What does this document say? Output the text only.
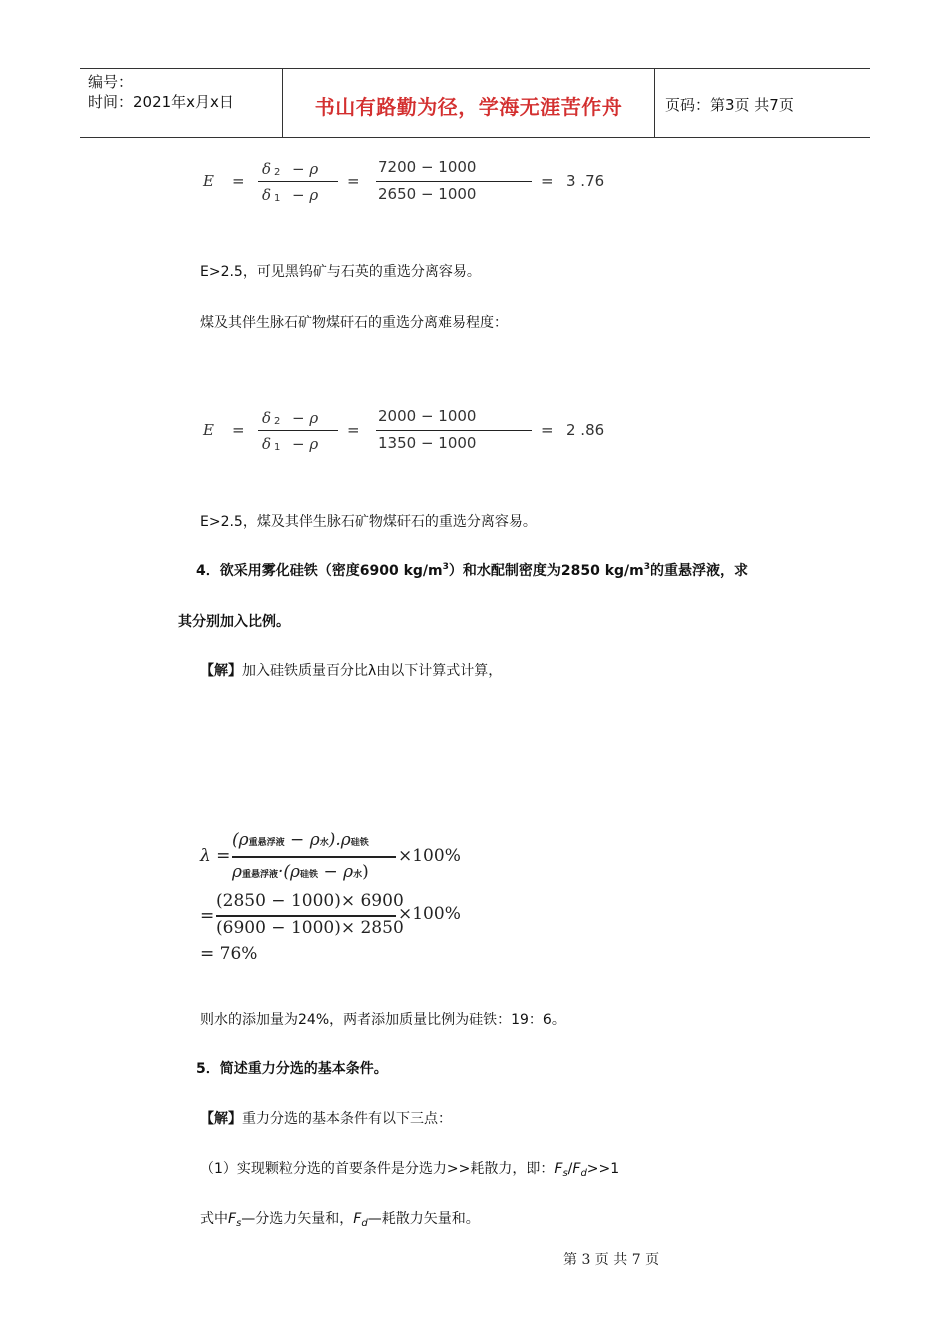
编号：
时间：2021年x月x日	书山有路勤为径，学海无涯苦作舟	页码：第3页 共7页
E =
δ 2 − ρ
δ 1 − ρ
=
7200 − 1000
2650 − 1000
= 3 .76
E>2.5，可见黑钨矿与石英的重选分离容易。
煤及其伴生脉石矿物煤矸石的重选分离难易程度：
E =
δ 2 − ρ
δ 1 − ρ
=
2000 − 1000
1350 − 1000
= 2 .86
E>2.5，煤及其伴生脉石矿物煤矸石的重选分离容易。
4．欲采用雾化硅铁（密度6900 $kg/m^3$）和水配制密度为2850 $kg/m^3$的重悬浮液，求
其分别加入比例。
【解】加入硅铁质量百分比λ由以下计算式计算，
λ =
(ρ重悬浮液 − ρ水).ρ硅铁
×100%
ρ重悬浮液·(ρ硅铁 − ρ水)
=
(2850 − 1000)× 6900
(6900 − 1000)× 2850
×100%
= 76%
则水的添加量为24%，两者添加质量比例为硅铁：19：6。
5．简述重力分选的基本条件。
【解】重力分选的基本条件有以下三点：
（1）实现颗粒分选的首要条件是分选力>>耗散力，即：$F_s/F_d>>1$
式中$F_s—$分选力矢量和，$F_d—$耗散力矢量和。
第 3 页 共 7 页
